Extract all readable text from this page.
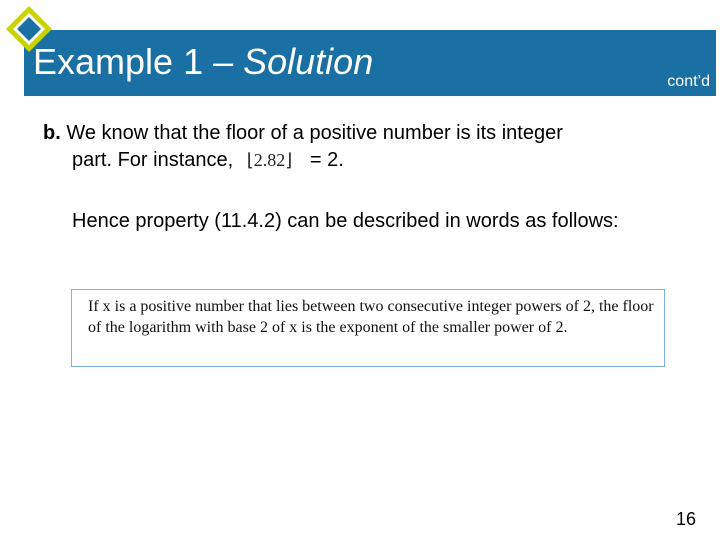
Example 1 – Solution	cont’d
b. We know that the floor of a positive number is its integer
part. For instance, ⌊2.82⌋ = 2.
Hence property (11.4.2) can be described in words as follows:
If x is a positive number that lies between two consecutive integer powers of 2, the floor of the logarithm with base 2 of x is the exponent of the smaller power of 2.
16
